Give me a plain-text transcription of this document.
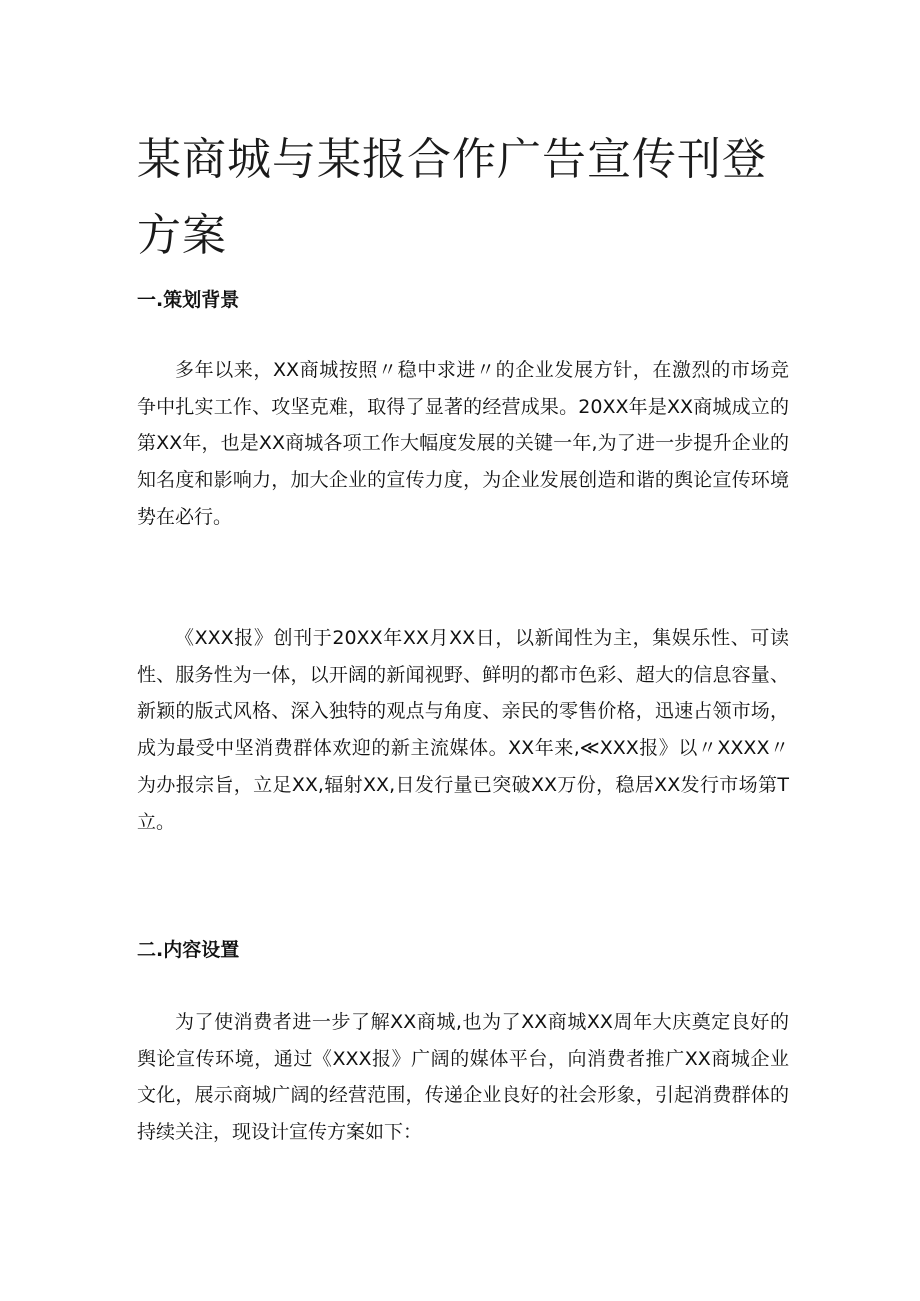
某商城与某报合作广告宣传刊登方案
一.策划背景

多年以来，XX商城按照〃稳中求进〃的企业发展方针，在激烈的市场竞争中扎实工作、攻坚克难，取得了显著的经营成果。20XX年是XX商城成立的第XX年，也是XX商城各项工作大幅度发展的关键一年,为了进一步提升企业的知名度和影响力，加大企业的宣传力度，为企业发展创造和谐的舆论宣传环境势在必行。

《XXX报》创刊于20XX年XX月XX日，以新闻性为主，集娱乐性、可读性、服务性为一体，以开阔的新闻视野、鲜明的都市色彩、超大的信息容量、新颖的版式风格、深入独特的观点与角度、亲民的零售价格，迅速占领市场，成为最受中坚消费群体欢迎的新主流媒体。XX年来,≪XXX报》以〃XXXX〃为办报宗旨，立足XX,辐射XX,日发行量已突破XX万份，稳居XX发行市场第T立。

二.内容设置

为了使消费者进一步了解XX商城,也为了XX商城XX周年大庆奠定良好的舆论宣传环境，通过《XXX报》广阔的媒体平台，向消费者推广XX商城企业文化，展示商城广阔的经营范围，传递企业良好的社会形象，引起消费群体的持续关注，现设计宣传方案如下：
